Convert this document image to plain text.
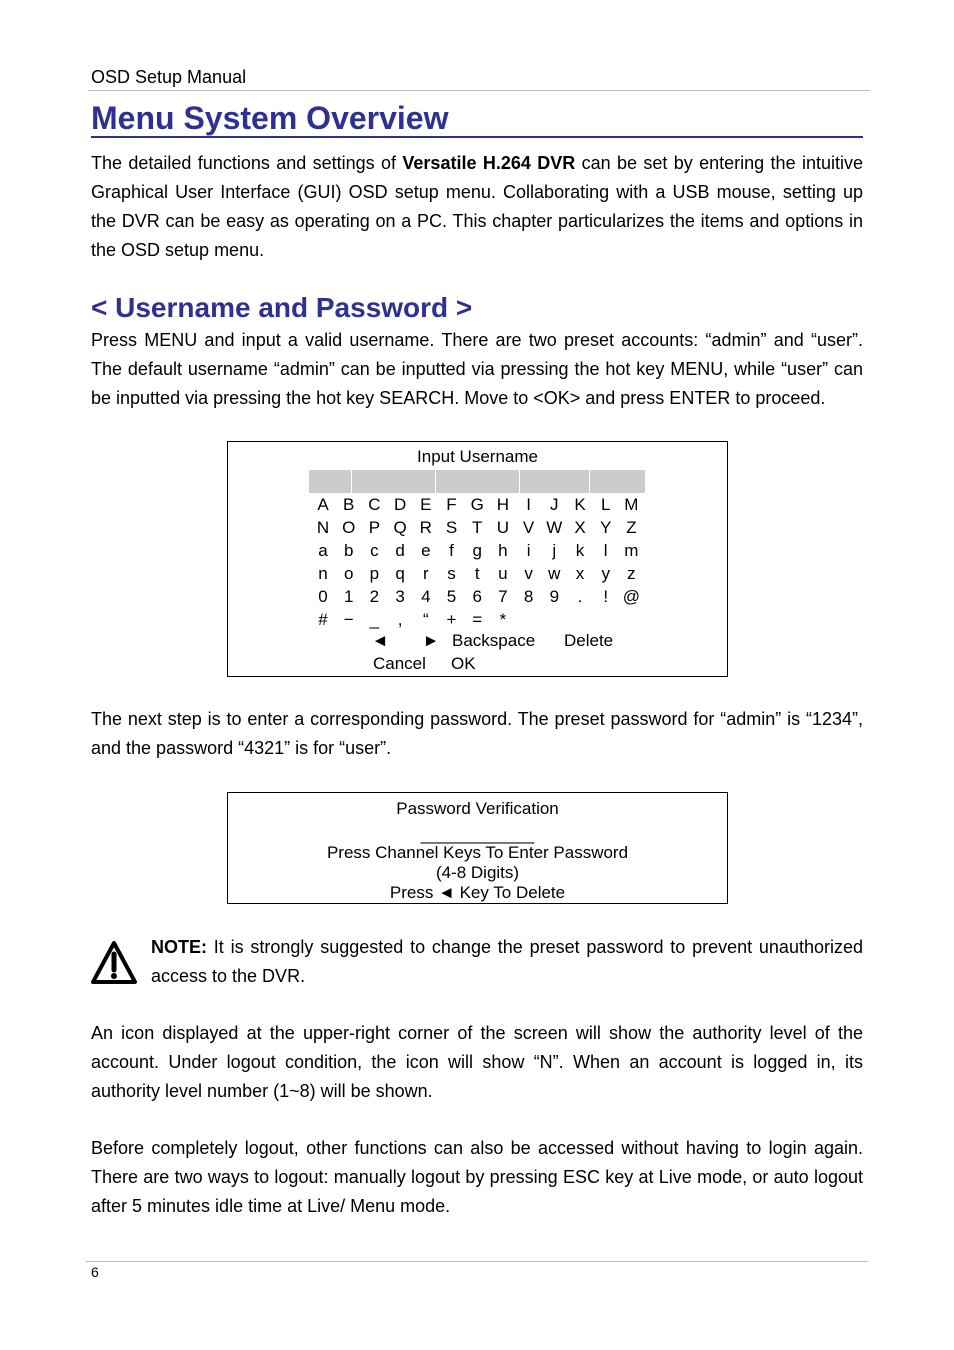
OSD Setup Manual
Menu System Overview
The detailed functions and settings of Versatile H.264 DVR can be set by entering the intuitive Graphical User Interface (GUI) OSD setup menu. Collaborating with a USB mouse, setting up the DVR can be easy as operating on a PC. This chapter particularizes the items and options in the OSD setup menu.
< Username and Password >
Press MENU and input a valid username. There are two preset accounts: “admin” and “user”. The default username “admin” can be inputted via pressing the hot key MENU, while “user” can be inputted via pressing the hot key SEARCH. Move to <OK> and press ENTER to proceed.
Input Username
A B C D E F G H	I	J K L M
N O P Q R S T U V W X Y Z
a b c d e	f	g h	i	j	k	l m
n o p q	r	s	t	u v w x	y	z
0 1 2 3 4 5 6 7 8 9	.	! @
# − _	,	“	+ =	*
◄ ► Backspace Delete
Cancel OK
The next step is to enter a corresponding password. The preset password for “admin” is “1234”, and the password “4321” is for “user”.
Password Verification
____________
Press Channel Keys To Enter Password
(4-8 Digits)
Press ◄ Key To Delete
NOTE: It is strongly suggested to change the preset password to prevent unauthorized access to the DVR.
An icon displayed at the upper-right corner of the screen will show the authority level of the account. Under logout condition, the icon will show “N”. When an account is logged in, its authority level number (1~8) will be shown.
Before completely logout, other functions can also be accessed without having to login again. There are two ways to logout: manually logout by pressing ESC key at Live mode, or auto logout after 5 minutes idle time at Live/ Menu mode.
6
